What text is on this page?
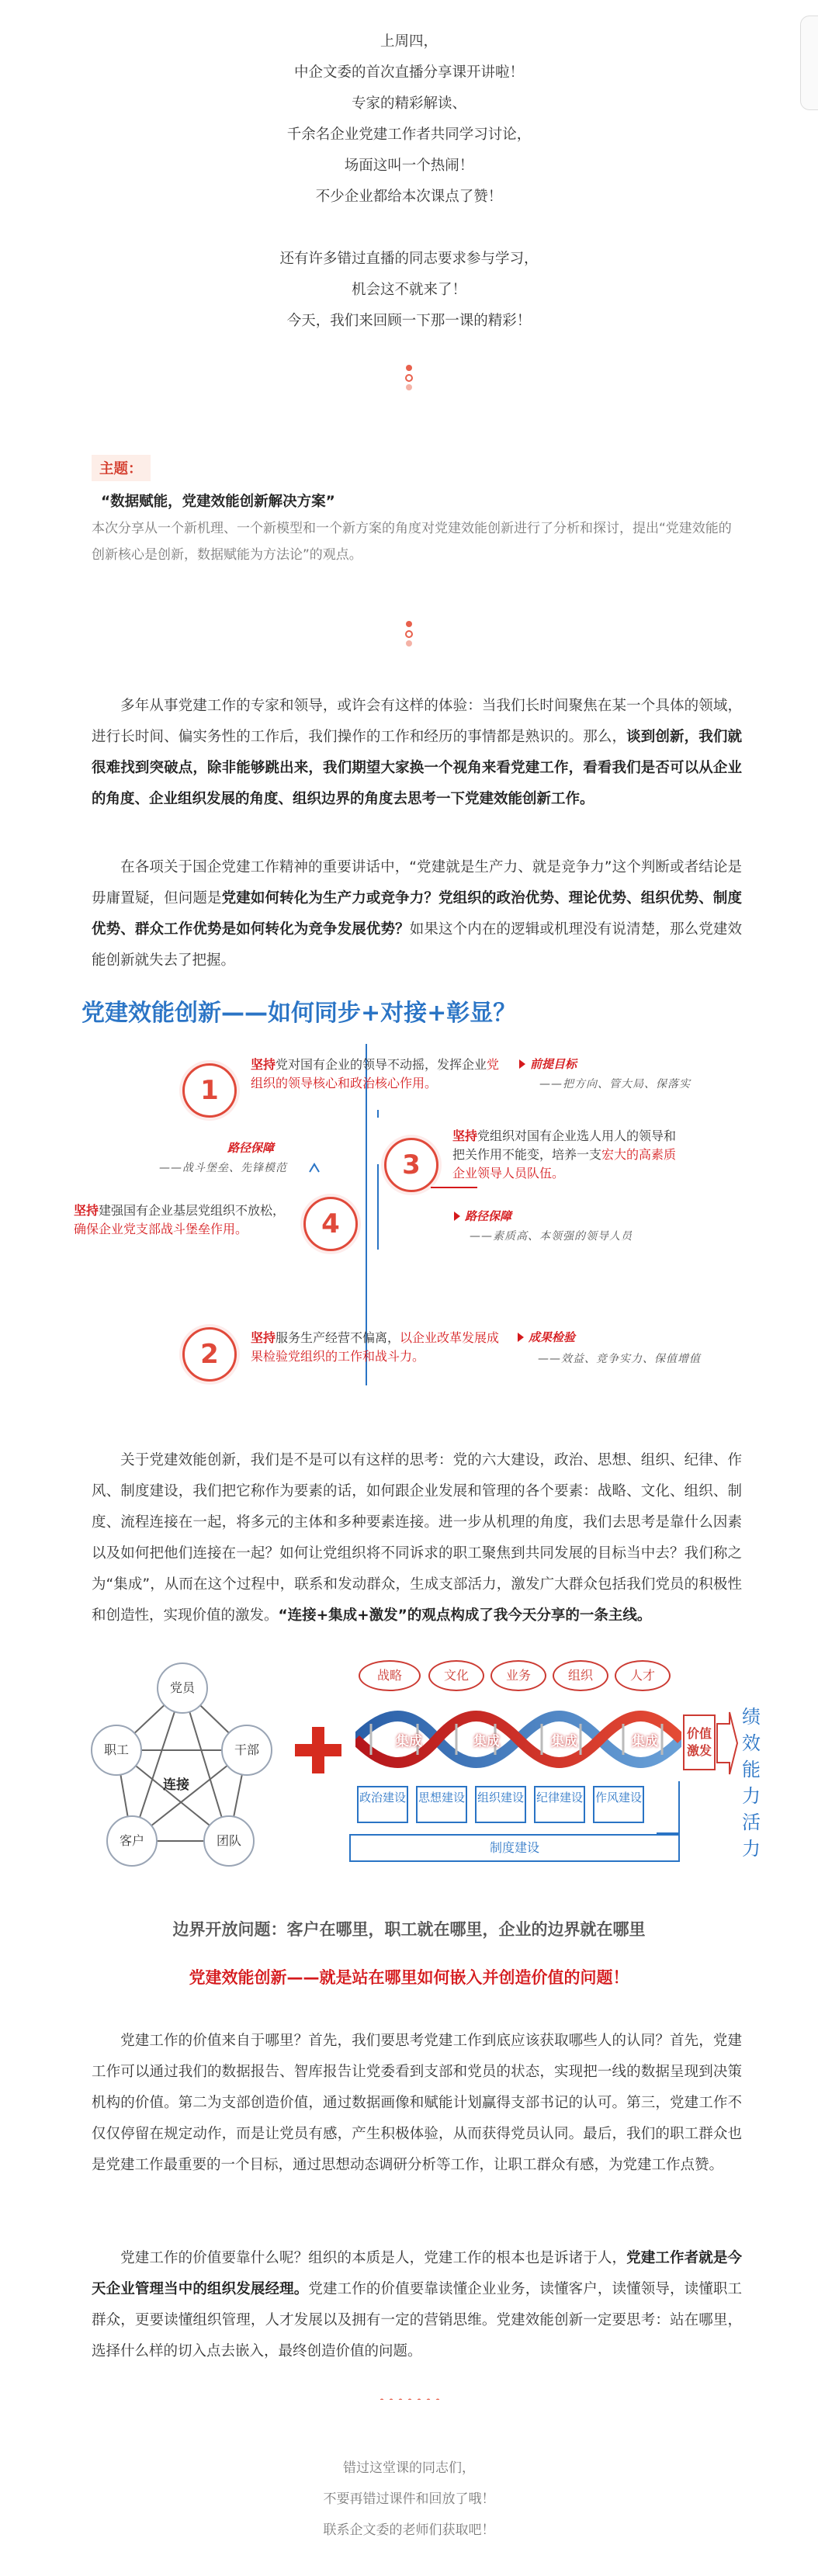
上周四，

中企文委的首次直播分享课开讲啦！

专家的精彩解读、

千余名企业党建工作者共同学习讨论，

场面这叫一个热闹！

不少企业都给本次课点了赞！

还有许多错过直播的同志要求参与学习，

机会这不就来了！

今天，我们来回顾一下那一课的精彩！

主题：
“数据赋能，党建效能创新解决方案”
本次分享从一个新机理、一个新模型和一个新方案的角度对党建效能创新进行了分析和探讨，提出“党建效能的创新核心是创新，数据赋能为方法论”的观点。
  多年从事党建工作的专家和领导，或许会有这样的体验：当我们长时间聚焦在某一个具体的领域，进行长时间、偏实务性的工作后，我们操作的工作和经历的事情都是熟识的。那么，谈到创新，我们就很难找到突破点，除非能够跳出来，我们期望大家换一个视角来看党建工作，看看我们是否可以从企业的角度、企业组织发展的角度、组织边界的角度去思考一下党建效能创新工作。
  在各项关于国企党建工作精神的重要讲话中，“党建就是生产力、就是竞争力”这个判断或者结论是毋庸置疑，但问题是党建如何转化为生产力或竞争力？党组织的政治优势、理论优势、组织优势、制度优势、群众工作优势是如何转化为竞争发展优势？如果这个内在的逻辑或机理没有说清楚，那么党建效能创新就失去了把握。
党建效能创新——如何同步+对接+彰显？
1
坚持党对国有企业的领导不动摇，发挥企业党组织的领导核心和政治核心作用。
前提目标
——把方向、管大局、保落实
3
坚持党组织对国有企业选人用人的领导和把关作用不能变，培养一支宏大的高素质企业领导人员队伍。
路径保障
——素质高、本领强的领导人员
路径保障
——战斗堡垒、先锋模范
坚持建强国有企业基层党组织不放松，确保企业党支部战斗堡垒作用。	4
2
坚持服务生产经营不偏离，以企业改革发展成果检验党组织的工作和战斗力。
成果检验
——效益、竞争实力、保值增值
  关于党建效能创新，我们是不是可以有这样的思考：党的六大建设，政治、思想、组织、纪律、作风、制度建设，我们把它称作为要素的话，如何跟企业发展和管理的各个要素：战略、文化、组织、制度、流程连接在一起，将多元的主体和多种要素连接。进一步从机理的角度，我们去思考是靠什么因素以及如何把他们连接在一起？如何让党组织将不同诉求的职工聚焦到共同发展的目标当中去？我们称之为“集成”，从而在这个过程中，联系和发动群众，生成支部活力，激发广大群众包括我们党员的积极性和创造性，实现价值的激发。“连接+集成+激发”的观点构成了我今天分享的一条主线。
党员
职工	干部
客户	团队
连接
战略	文化	业务	组织	人才
集成	集成	集成	集成
价值激发
绩效
能力
活力
政治建设 思想建设 组织建设 纪律建设 作风建设
制度建设
边界开放问题：客户在哪里，职工就在哪里，企业的边界就在哪里
党建效能创新——就是站在哪里如何嵌入并创造价值的问题！
  党建工作的价值来自于哪里？首先，我们要思考党建工作到底应该获取哪些人的认同？首先，党建工作可以通过我们的数据报告、智库报告让党委看到支部和党员的状态，实现把一线的数据呈现到决策机构的价值。第二为支部创造价值，通过数据画像和赋能计划赢得支部书记的认可。第三，党建工作不仅仅停留在规定动作，而是让党员有感，产生积极体验，从而获得党员认同。最后，我们的职工群众也是党建工作最重要的一个目标，通过思想动态调研分析等工作，让职工群众有感，为党建工作点赞。
  党建工作的价值要靠什么呢？组织的本质是人，党建工作的根本也是诉诸于人，党建工作者就是今天企业管理当中的组织发展经理。党建工作的价值要靠读懂企业业务，读懂客户，读懂领导，读懂职工群众，更要读懂组织管理，人才发展以及拥有一定的营销思维。党建效能创新一定要思考：站在哪里，选择什么样的切入点去嵌入，最终创造价值的问题。
错过这堂课的同志们，
不要再错过课件和回放了哦！
联系企文委的老师们获取吧！
